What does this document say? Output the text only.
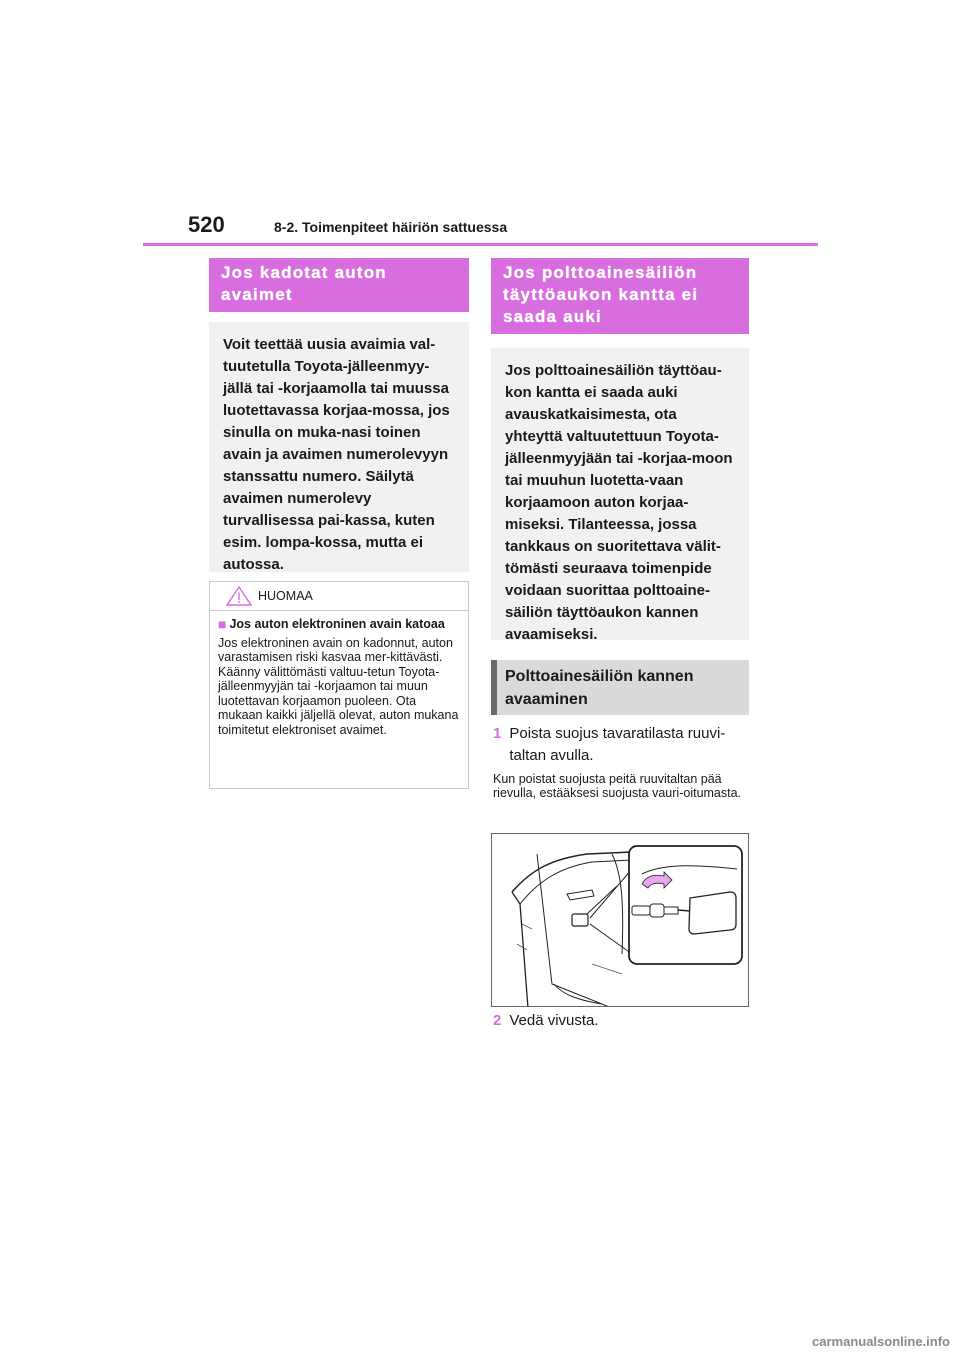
520	8-2. Toimenpiteet häiriön sattuessa
Jos kadotat auton avaimet

Voit teettää uusia avaimia val-tuutetulla Toyota-jälleenmyy-jällä tai -korjaamolla tai muussa luotettavassa korjaa-mossa, jos sinulla on muka-nasi toinen avain ja avaimen numerolevyyn stanssattu numero. Säilytä avaimen numerolevy turvallisessa pai-kassa, kuten esim. lompa-kossa, mutta ei autossa.

HUOMAA
■ Jos auton elektroninen avain katoaa
Jos elektroninen avain on kadonnut, auton varastamisen riski kasvaa mer-kittävästi. Käänny välittömästi valtuu-tetun Toyota-jälleenmyyjän tai -korjaamon tai muun luotettavan korjaamon puoleen. Ota mukaan kaikki jäljellä olevat, auton mukana toimitetut elektroniset avaimet.
Jos polttoainesäiliön täyttöaukon kantta ei saada auki

Jos polttoainesäiliön täyttöau-kon kantta ei saada auki avauskatkaisimesta, ota yhteyttä valtuutettuun Toyota-jälleenmyyjään tai -korjaa-moon tai muuhun luotetta-vaan korjaamoon auton korjaa-miseksi. Tilanteessa, jossa tankkaus on suoritettava välit-tömästi seuraava toimenpide voidaan suorittaa polttoaine-säiliön täyttöaukon kannen avaamiseksi.

Polttoainesäiliön kannen avaaminen
1 Poista suojus tavaratilasta ruuvi-taltan avulla.
Kun poistat suojusta peitä ruuvitaltan pää rievulla, estääksesi suojusta vauri-oitumasta.
2 Vedä vivusta.
carmanualsonline.info
